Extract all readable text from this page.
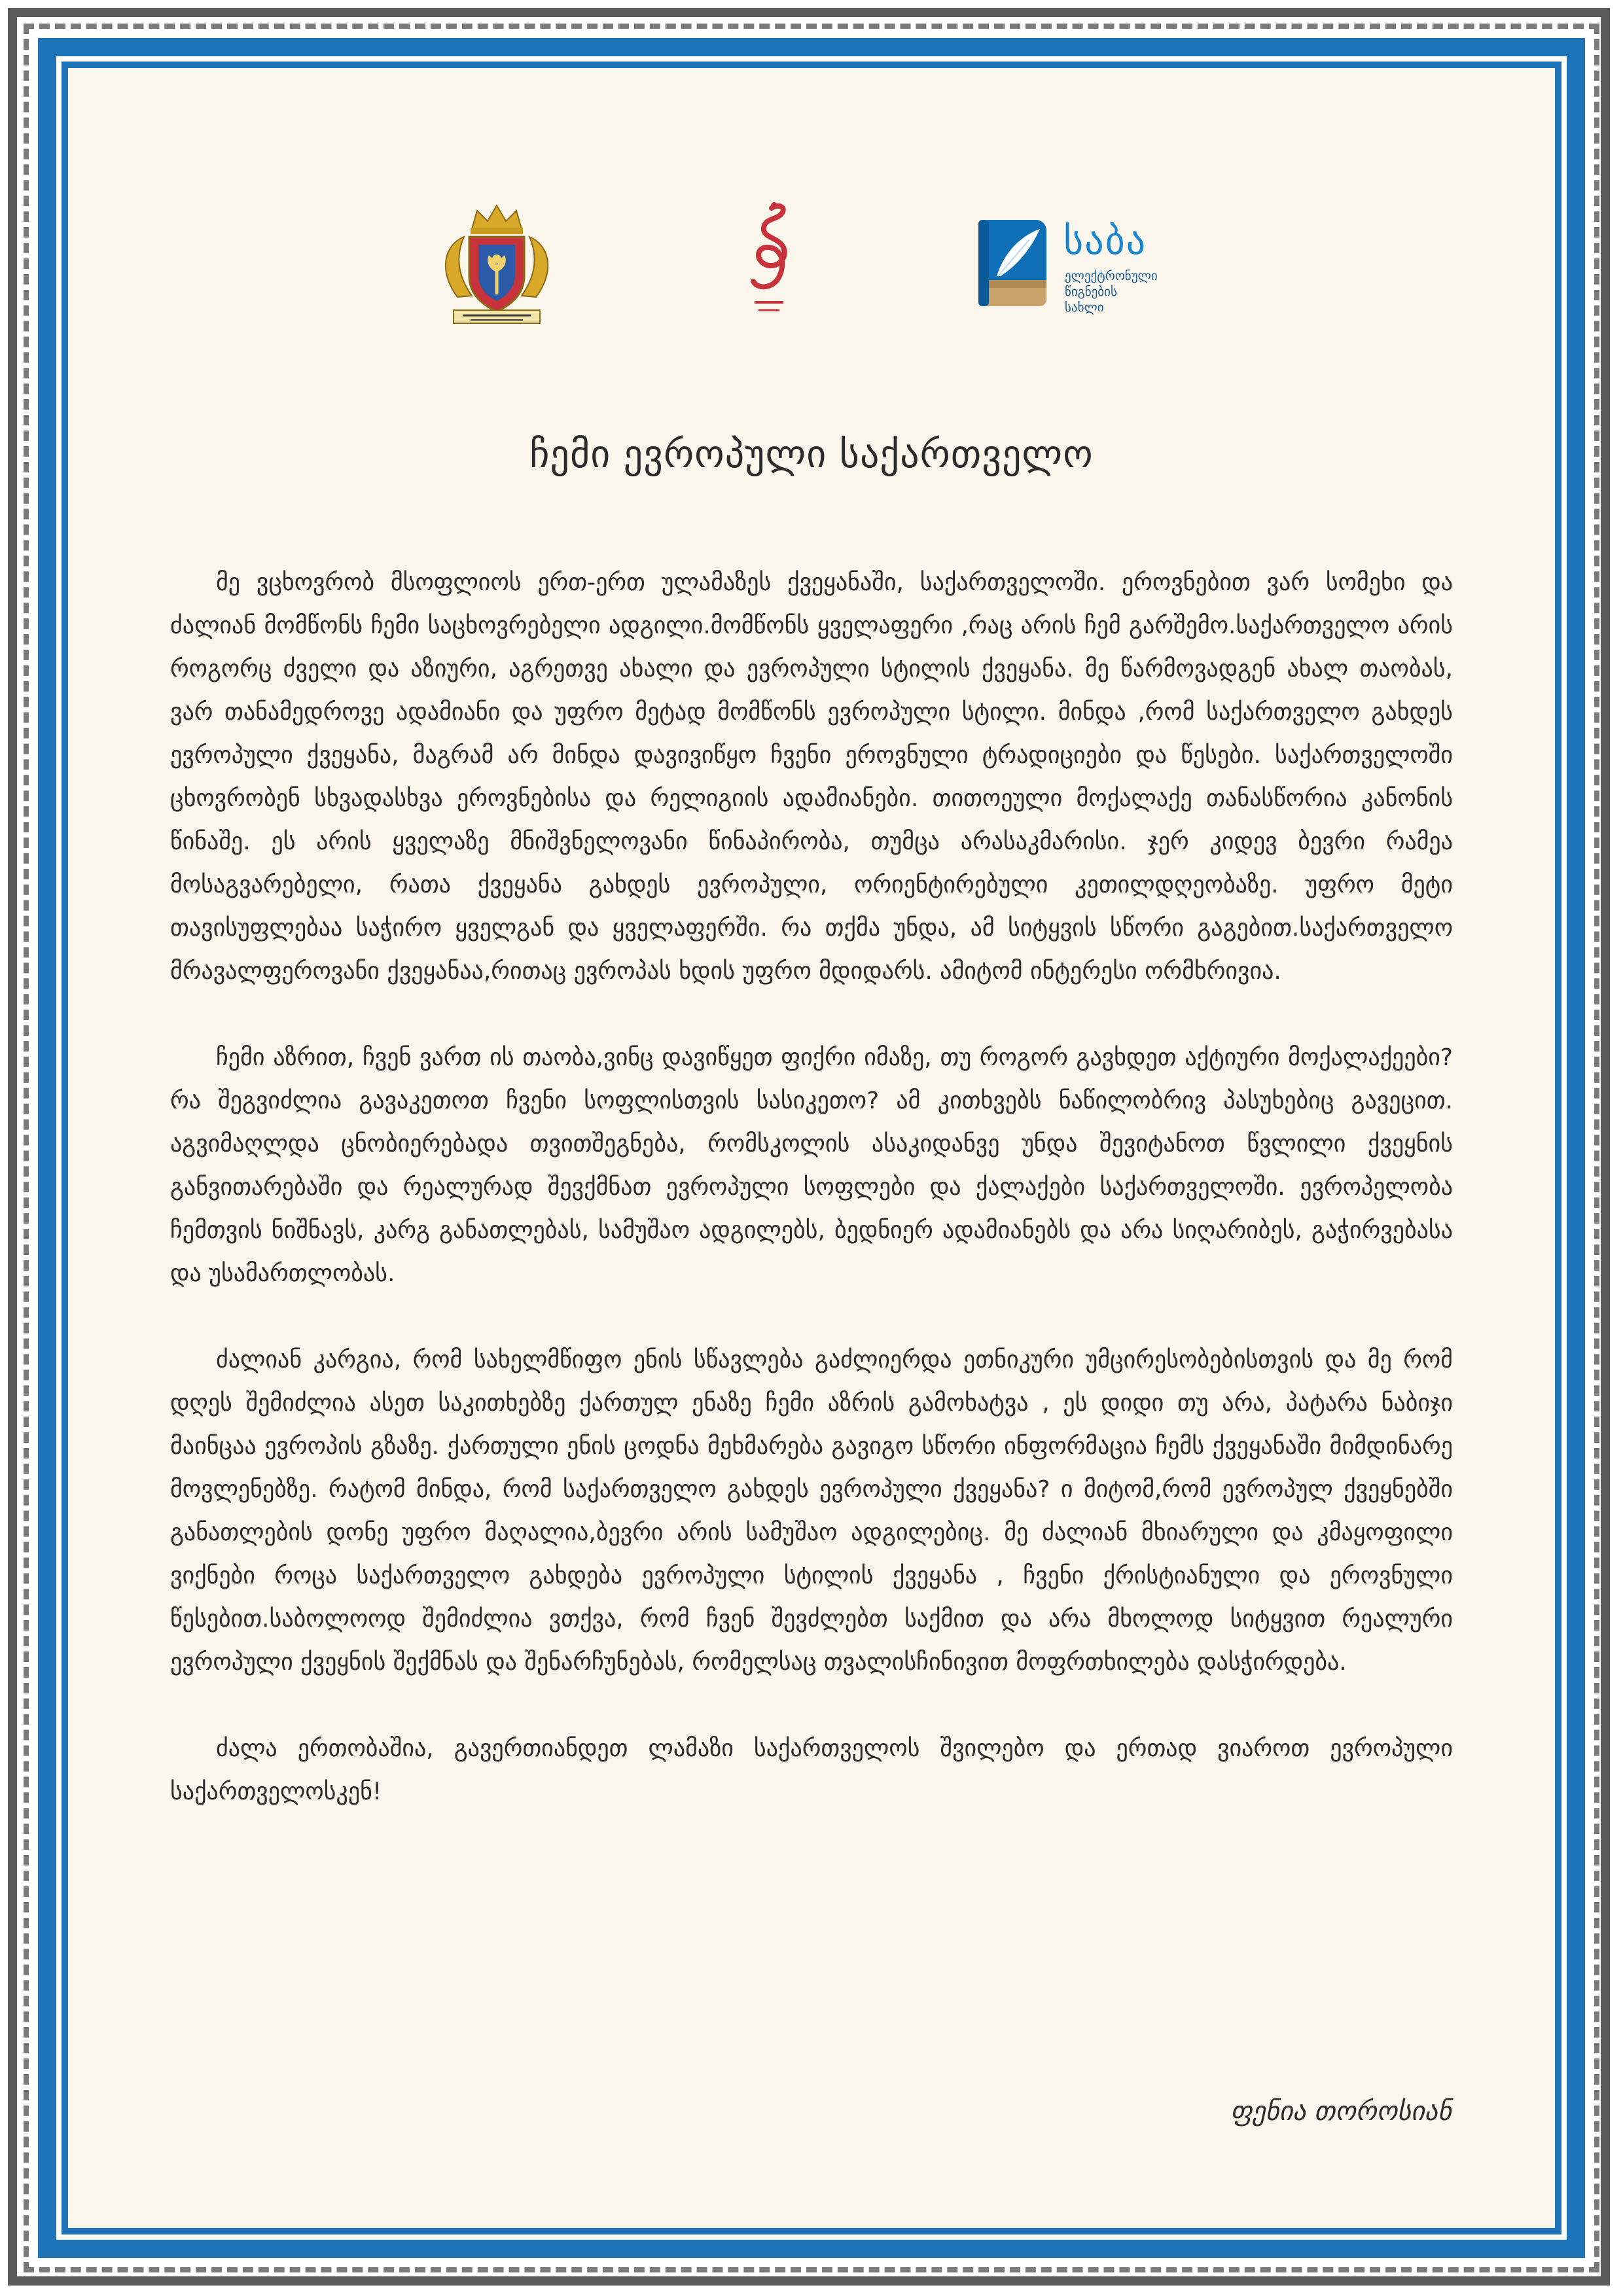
საბა
ელექტრონული
წიგნების
სახლი
ჩემი ევროპული საქართველო

მე ვცხოვრობ მსოფლიოს ერთ-ერთ ულამაზეს ქვეყანაში, საქართველოში. ეროვნებით ვარ სომეხი და ძალიან მომწონს ჩემი საცხოვრებელი ადგილი.მომწონს ყველაფერი ,რაც არის ჩემ გარშემო.საქართველო არის როგორც ძველი და აზიური, აგრეთვე ახალი და ევროპული სტილის ქვეყანა. მე წარმოვადგენ ახალ თაობას, ვარ თანამედროვე ადამიანი და უფრო მეტად მომწონს ევროპული სტილი. მინდა ,რომ საქართველო გახდეს ევროპული ქვეყანა, მაგრამ არ მინდა დავივიწყო ჩვენი ეროვნული ტრადიციები და წესები. საქართველოში ცხოვრობენ სხვადასხვა ეროვნებისა და რელიგიის ადამიანები. თითოეული მოქალაქე თანასწორია კანონის წინაშე. ეს არის ყველაზე მნიშვნელოვანი წინაპირობა, თუმცა არასაკმარისი. ჯერ კიდევ ბევრი რამეა მოსაგვარებელი, რათა ქვეყანა გახდეს ევროპული, ორიენტირებული კეთილდღეობაზე. უფრო მეტი თავისუფლებაა საჭირო ყველგან და ყველაფერში. რა თქმა უნდა, ამ სიტყვის სწორი გაგებით.საქართველო მრავალფეროვანი ქვეყანაა,რითაც ევროპას ხდის უფრო მდიდარს. ამიტომ ინტერესი ორმხრივია.

ჩემი აზრით, ჩვენ ვართ ის თაობა,ვინც დავიწყეთ ფიქრი იმაზე, თუ როგორ გავხდეთ აქტიური მოქალაქეები? რა შეგვიძლია გავაკეთოთ ჩვენი სოფლისთვის სასიკეთო? ამ კითხვებს ნაწილობრივ პასუხებიც გავეცით. აგვიმაღლდა ცნობიერებადა თვითშეგნება, რომსკოლის ასაკიდანვე უნდა შევიტანოთ წვლილი ქვეყნის განვითარებაში და რეალურად შევქმნათ ევროპული სოფლები და ქალაქები საქართველოში. ევროპელობა ჩემთვის ნიშნავს, კარგ განათლებას, სამუშაო ადგილებს, ბედნიერ ადამიანებს და არა სიღარიბეს, გაჭირვებასა და უსამართლობას.

ძალიან კარგია, რომ სახელმწიფო ენის სწავლება გაძლიერდა ეთნიკური უმცირესობებისთვის და მე რომ დღეს შემიძლია ასეთ საკითხებზე ქართულ ენაზე ჩემი აზრის გამოხატვა , ეს დიდი თუ არა, პატარა ნაბიჯი მაინცაა ევროპის გზაზე. ქართული ენის ცოდნა მეხმარება გავიგო სწორი ინფორმაცია ჩემს ქვეყანაში მიმდინარე მოვლენებზე. რატომ მინდა, რომ საქართველო გახდეს ევროპული ქვეყანა? ი მიტომ,რომ ევროპულ ქვეყნებში განათლების დონე უფრო მაღალია,ბევრი არის სამუშაო ადგილებიც. მე ძალიან მხიარული და კმაყოფილი ვიქნები როცა საქართველო გახდება ევროპული სტილის ქვეყანა , ჩვენი ქრისტიანული და ეროვნული წესებით.საბოლოოდ შემიძლია ვთქვა, რომ ჩვენ შევძლებთ საქმით და არა მხოლოდ სიტყვით რეალური ევროპული ქვეყნის შექმნას და შენარჩუნებას, რომელსაც თვალისჩინივით მოფრთხილება დასჭირდება.

ძალა ერთობაშია, გავერთიანდეთ ლამაზი საქართველოს შვილებო და ერთად ვიაროთ ევროპული საქართველოსკენ!

ფენია თოროსიან
